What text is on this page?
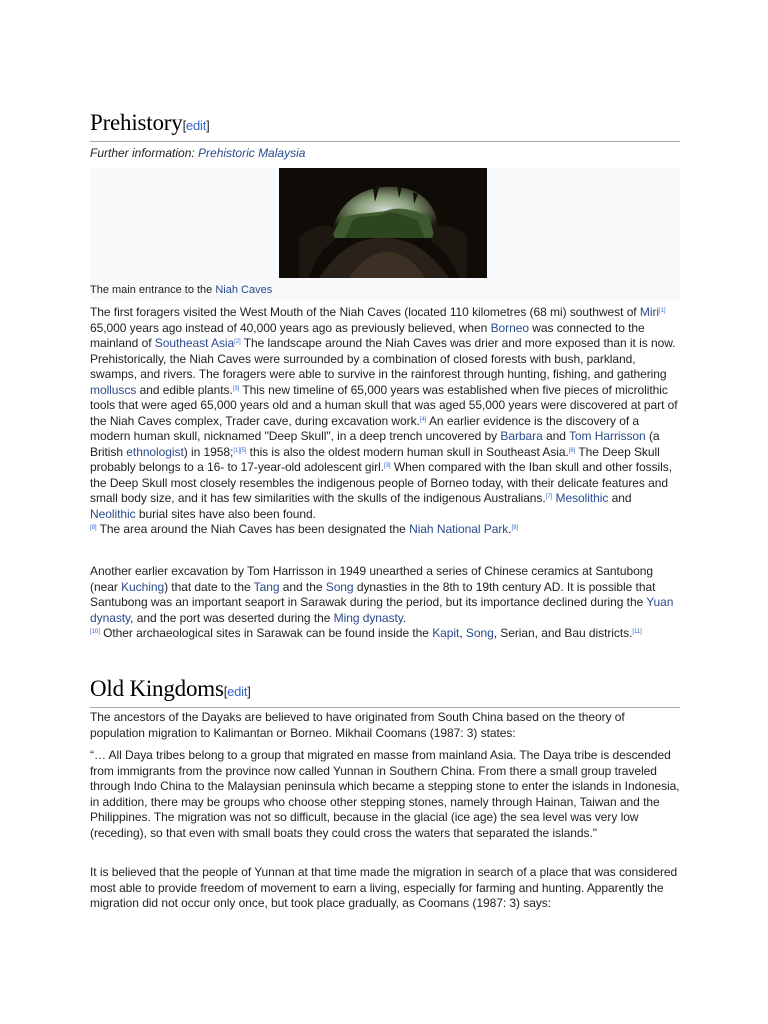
Prehistory[edit]
Further information: Prehistoric Malaysia
The main entrance to the Niah Caves

The first foragers visited the West Mouth of the Niah Caves (located 110 kilometres (68 mi) southwest of Miri[1] 65,000 years ago instead of 40,000 years ago as previously believed, when Borneo was connected to the mainland of Southeast Asia[2] The landscape around the Niah Caves was drier and more exposed than it is now. Prehistorically, the Niah Caves were surrounded by a combination of closed forests with bush, parkland, swamps, and rivers. The foragers were able to survive in the rainforest through hunting, fishing, and gathering molluscs and edible plants.[3] This new timeline of 65,000 years was established when five pieces of microlithic tools that were aged 65,000 years old and a human skull that was aged 55,000 years were discovered at part of the Niah Caves complex, Trader cave, during excavation work.[4] An earlier evidence is the discovery of a modern human skull, nicknamed "Deep Skull", in a deep trench uncovered by Barbara and Tom Harrisson (a British ethnologist) in 1958;[1][5] this is also the oldest modern human skull in Southeast Asia.[6] The Deep Skull probably belongs to a 16- to 17-year-old adolescent girl.[3] When compared with the Iban skull and other fossils, the Deep Skull most closely resembles the indigenous people of Borneo today, with their delicate features and small body size, and it has few similarities with the skulls of the indigenous Australians.[7] Mesolithic and Neolithic burial sites have also been found.
[8] The area around the Niah Caves has been designated the Niah National Park.[9]

Another earlier excavation by Tom Harrisson in 1949 unearthed a series of Chinese ceramics at Santubong (near Kuching) that date to the Tang and the Song dynasties in the 8th to 19th century AD. It is possible that Santubong was an important seaport in Sarawak during the period, but its importance declined during the Yuan dynasty, and the port was deserted during the Ming dynasty.
[10] Other archaeological sites in Sarawak can be found inside the Kapit, Song, Serian, and Bau districts.[11]

Old Kingdoms[edit]

The ancestors of the Dayaks are believed to have originated from South China based on the theory of population migration to Kalimantan or Borneo. Mikhail Coomans (1987: 3) states:

“… All Daya tribes belong to a group that migrated en masse from mainland Asia. The Daya tribe is descended from immigrants from the province now called Yunnan in Southern China. From there a small group traveled through Indo China to the Malaysian peninsula which became a stepping stone to enter the islands in Indonesia, in addition, there may be groups who choose other stepping stones, namely through Hainan, Taiwan and the Philippines. The migration was not so difficult, because in the glacial (ice age) the sea level was very low (receding), so that even with small boats they could cross the waters that separated the islands."

It is believed that the people of Yunnan at that time made the migration in search of a place that was considered most able to provide freedom of movement to earn a living, especially for farming and hunting. Apparently the migration did not occur only once, but took place gradually, as Coomans (1987: 3) says:
